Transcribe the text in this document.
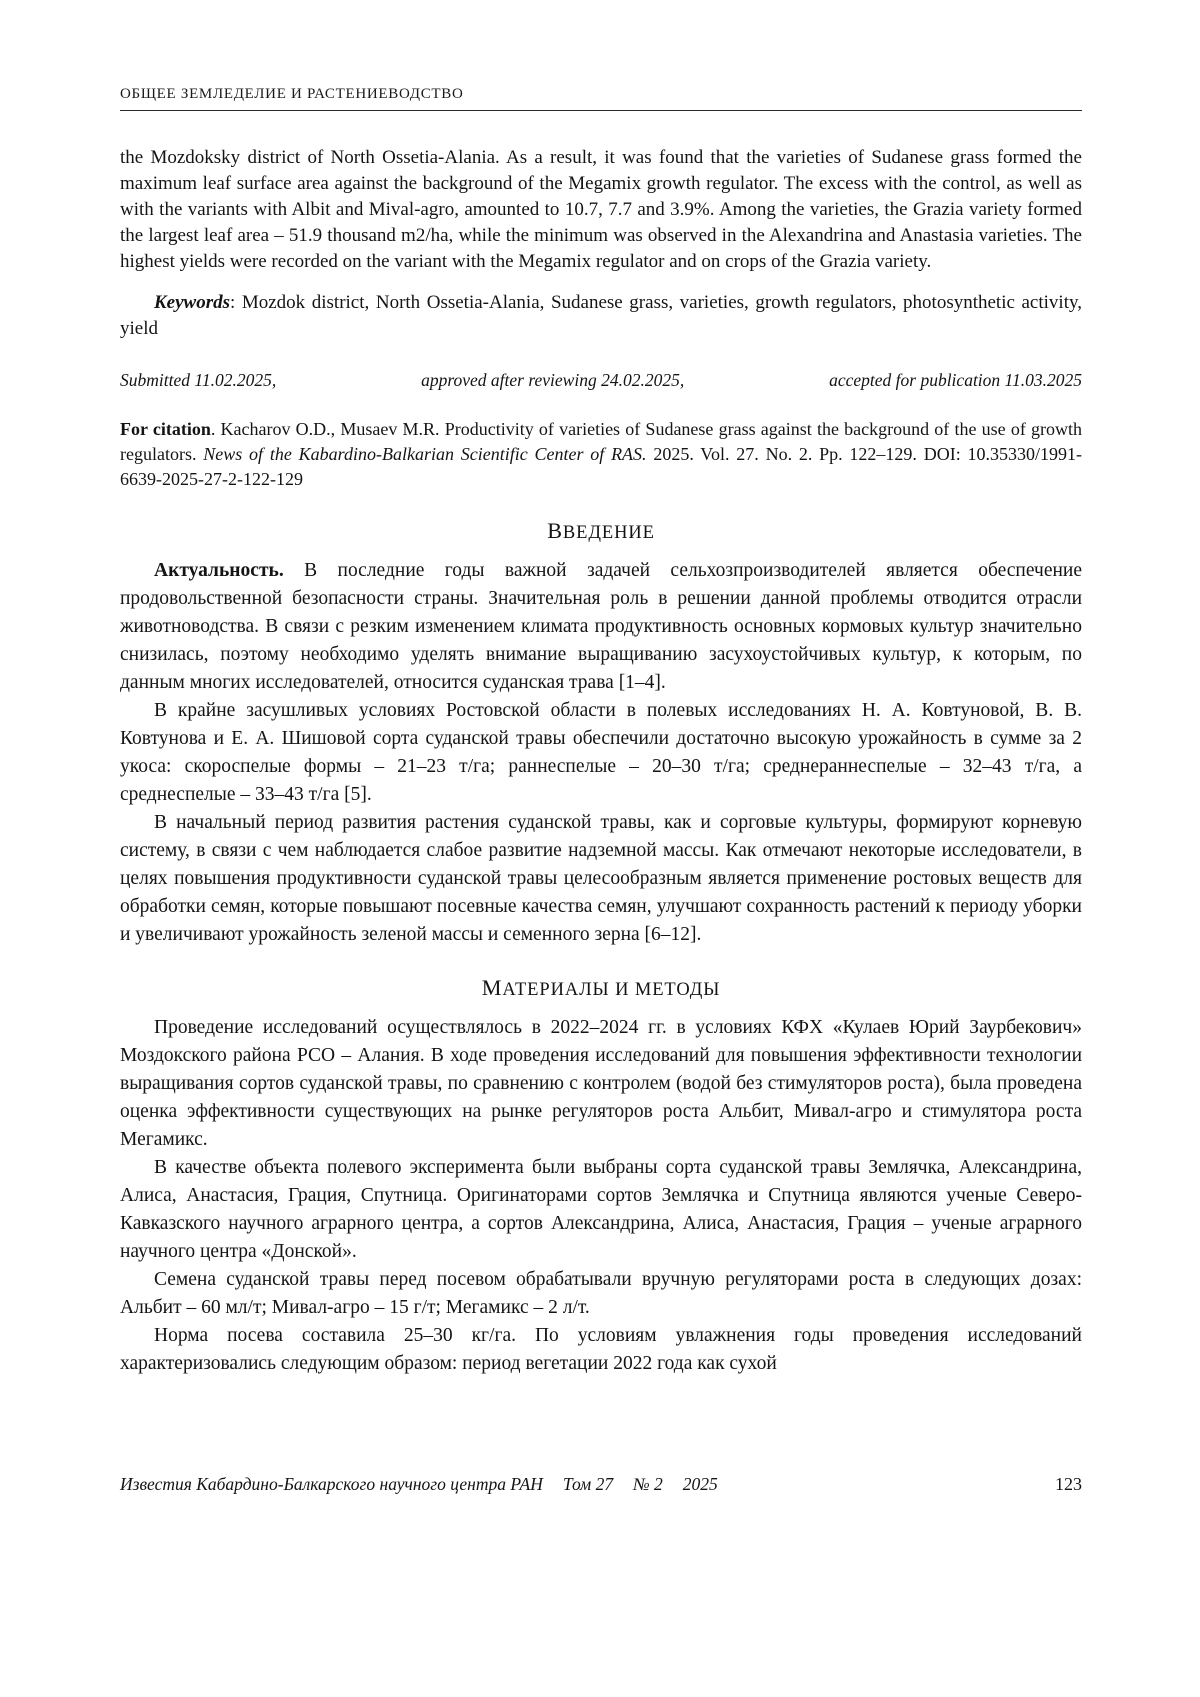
ОБЩЕЕ ЗЕМЛЕДЕЛИЕ И РАСТЕНИЕВОДСТВО

the Mozdoksky district of North Ossetia-Alania. As a result, it was found that the varieties of Sudanese grass formed the maximum leaf surface area against the background of the Megamix growth regulator. The excess with the control, as well as with the variants with Albit and Mival-agro, amounted to 10.7, 7.7 and 3.9%. Among the varieties, the Grazia variety formed the largest leaf area – 51.9 thousand m2/ha, while the minimum was observed in the Alexandrina and Anastasia varieties. The highest yields were recorded on the variant with the Megamix regulator and on crops of the Grazia variety.

Keywords: Mozdok district, North Ossetia-Alania, Sudanese grass, varieties, growth regulators, photosynthetic activity, yield

Submitted 11.02.2025,	approved after reviewing 24.02.2025,	accepted for publication 11.03.2025

For citation. Kacharov O.D., Musaev M.R. Productivity of varieties of Sudanese grass against the background of the use of growth regulators. News of the Kabardino-Balkarian Scientific Center of RAS. 2025. Vol. 27. No. 2. Pp. 122–129. DOI: 10.35330/1991-6639-2025-27-2-122-129

ВВЕДЕНИЕ

Актуальность. В последние годы важной задачей сельхозпроизводителей является обеспечение продовольственной безопасности страны. Значительная роль в решении данной проблемы отводится отрасли животноводства. В связи с резким изменением климата продуктивность основных кормовых культур значительно снизилась, поэтому необходимо уделять внимание выращиванию засухоустойчивых культур, к которым, по данным многих исследователей, относится суданская трава [1–4].

В крайне засушливых условиях Ростовской области в полевых исследованиях Н. А. Ковтуновой, В. В. Ковтунова и Е. А. Шишовой сорта суданской травы обеспечили достаточно высокую урожайность в сумме за 2 укоса: скороспелые формы – 21–23 т/га; раннеспелые – 20–30 т/га; среднераннеспелые – 32–43 т/га, а среднеспелые – 33–43 т/га [5].

В начальный период развития растения суданской травы, как и сорговые культуры, формируют корневую систему, в связи с чем наблюдается слабое развитие надземной массы. Как отмечают некоторые исследователи, в целях повышения продуктивности суданской травы целесообразным является применение ростовых веществ для обработки семян, которые повышают посевные качества семян, улучшают сохранность растений к периоду уборки и увеличивают урожайность зеленой массы и семенного зерна [6–12].

МАТЕРИАЛЫ И МЕТОДЫ

Проведение исследований осуществлялось в 2022–2024 гг. в условиях КФХ «Кулаев Юрий Заурбекович» Моздокского района РСО – Алания. В ходе проведения исследований для повышения эффективности технологии выращивания сортов суданской травы, по сравнению с контролем (водой без стимуляторов роста), была проведена оценка эффективности существующих на рынке регуляторов роста Альбит, Мивал-агро и стимулятора роста Мегамикс.

В качестве объекта полевого эксперимента были выбраны сорта суданской травы Землячка, Александрина, Алиса, Анастасия, Грация, Спутница. Оригинаторами сортов Землячка и Спутница являются ученые Северо-Кавказского научного аграрного центра, а сортов Александрина, Алиса, Анастасия, Грация – ученые аграрного научного центра «Донской».

Семена суданской травы перед посевом обрабатывали вручную регуляторами роста в следующих дозах: Альбит – 60 мл/т; Мивал-агро – 15 г/т; Мегамикс – 2 л/т.

Норма посева составила 25–30 кг/га. По условиям увлажнения годы проведения исследований характеризовались следующим образом: период вегетации 2022 года как сухой

Известия Кабардино-Балкарского научного центра РАН Том 27 № 2 2025	123
